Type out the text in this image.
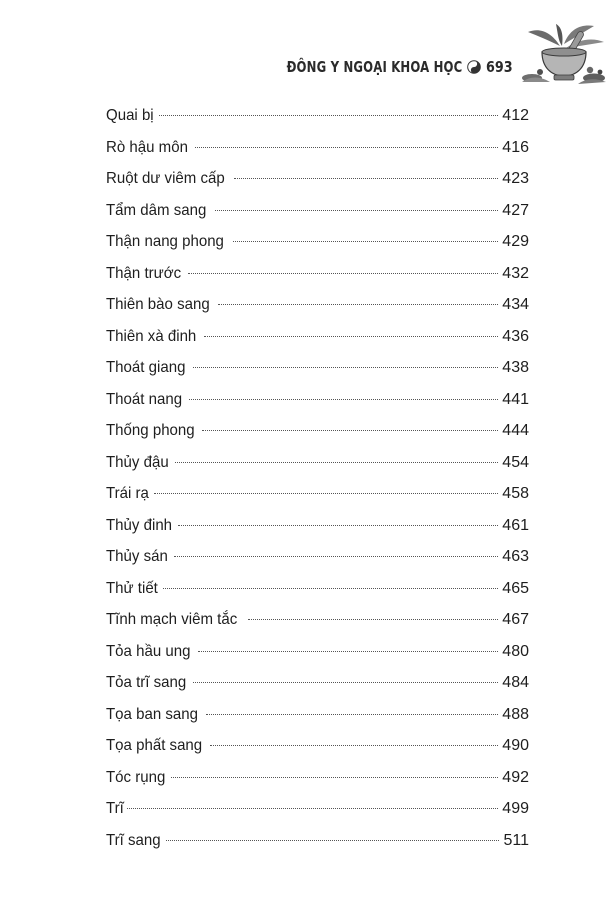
ĐÔNG Y NGOẠI KHOA HỌC 693
Quai bị	412
Rò hậu môn	416
Ruột dư viêm cấp	423
Tẩm dâm sang	427
Thận nang phong	429
Thận trước	432
Thiên bào sang	434
Thiên xà đinh	436
Thoát giang	438
Thoát nang	441
Thống phong	444
Thủy đậu	454
Trái rạ	458
Thủy đinh	461
Thủy sán	463
Thử tiết	465
Tĩnh mạch viêm tắc	467
Tỏa hầu ung	480
Tỏa trĩ sang	484
Tọa ban sang	488
Tọa phất sang	490
Tóc rụng	492
Trĩ	499
Trĩ sang	511
